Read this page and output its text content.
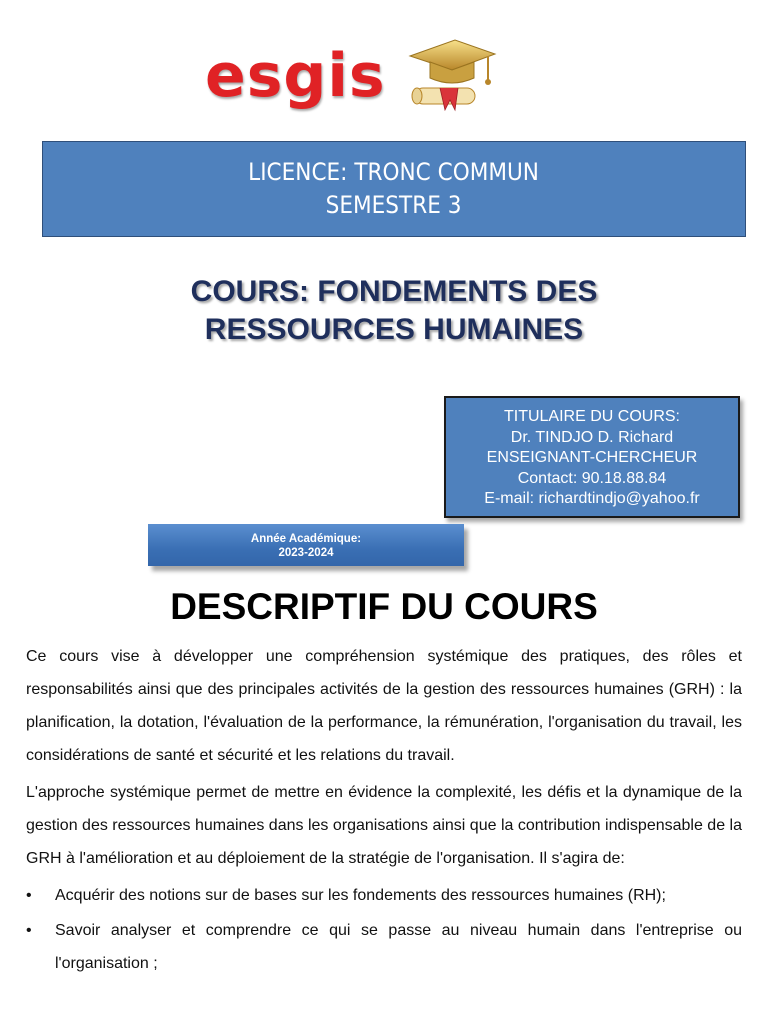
esgis
LICENCE: TRONC COMMUN
SEMESTRE 3
COURS: FONDEMENTS DES
RESSOURCES HUMAINES
TITULAIRE DU COURS:
Dr. TINDJO D. Richard
ENSEIGNANT-CHERCHEUR
Contact: 90.18.88.84
E-mail: richardtindjo@yahoo.fr
Année Académique:
2023-2024
DESCRIPTIF DU COURS

Ce cours vise à développer une compréhension systémique des pratiques, des rôles et responsabilités ainsi que des principales activités de la gestion des ressources humaines (GRH) : la planification, la dotation, l'évaluation de la performance, la rémunération, l'organisation du travail, les considérations de santé et sécurité et les relations du travail.

L'approche systémique permet de mettre en évidence la complexité, les défis et la dynamique de la gestion des ressources humaines dans les organisations ainsi que la contribution indispensable de la GRH à l'amélioration et au déploiement de la stratégie de l'organisation. Il s'agira de:

• Acquérir des notions sur de bases sur les fondements des ressources humaines (RH);
• Savoir analyser et comprendre ce qui se passe au niveau humain dans l'entreprise ou l'organisation ;
